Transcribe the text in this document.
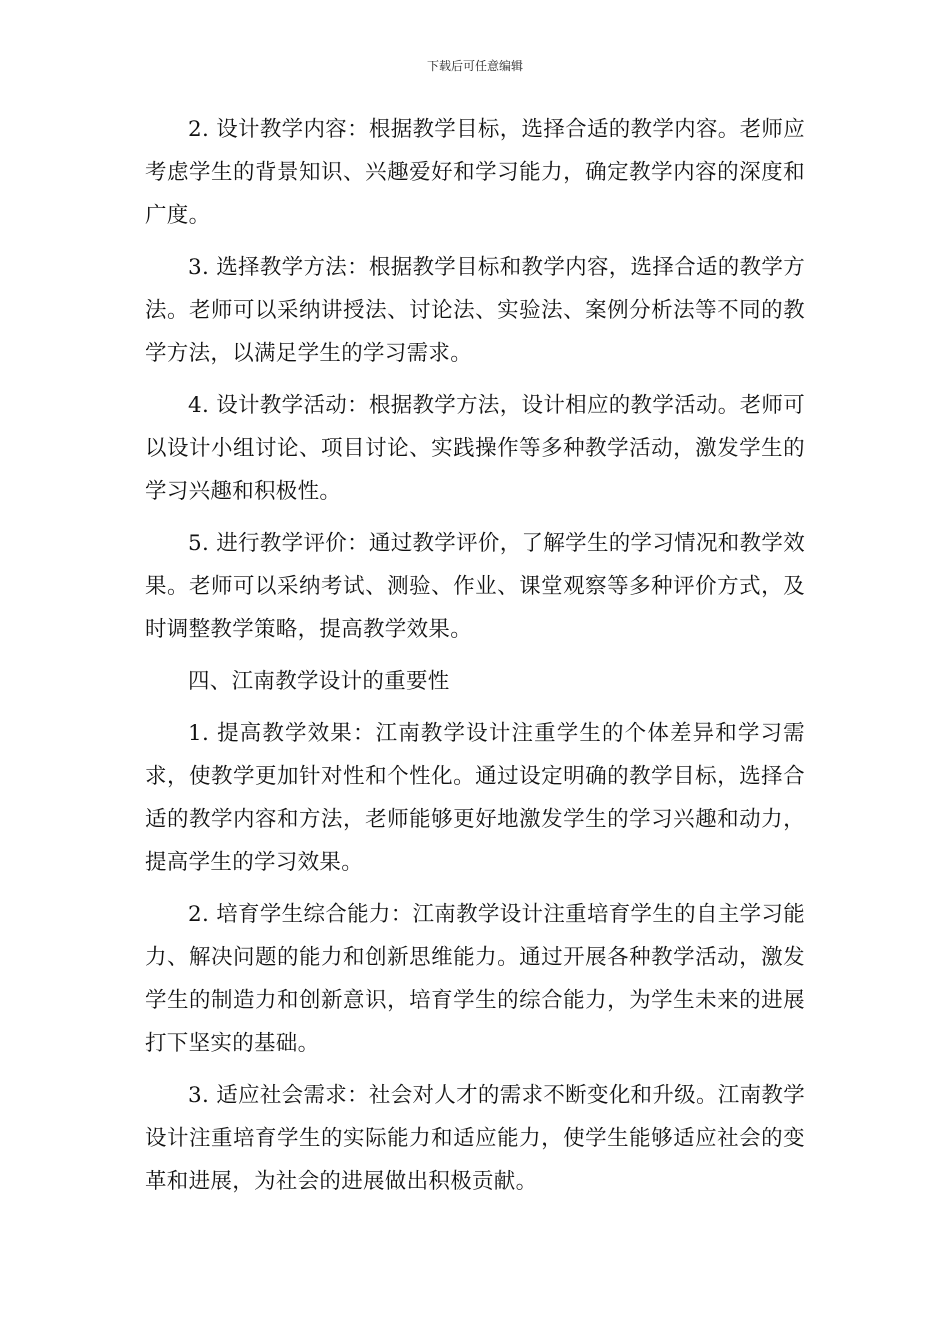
下载后可任意编辑

2. 设计教学内容：根据教学目标，选择合适的教学内容。老师应考虑学生的背景知识、兴趣爱好和学习能力，确定教学内容的深度和广度。

3. 选择教学方法：根据教学目标和教学内容，选择合适的教学方法。老师可以采纳讲授法、讨论法、实验法、案例分析法等不同的教学方法，以满足学生的学习需求。

4. 设计教学活动：根据教学方法，设计相应的教学活动。老师可以设计小组讨论、项目讨论、实践操作等多种教学活动，激发学生的学习兴趣和积极性。

5. 进行教学评价：通过教学评价，了解学生的学习情况和教学效果。老师可以采纳考试、测验、作业、课堂观察等多种评价方式，及时调整教学策略，提高教学效果。

四、江南教学设计的重要性

1. 提高教学效果：江南教学设计注重学生的个体差异和学习需求，使教学更加针对性和个性化。通过设定明确的教学目标，选择合适的教学内容和方法，老师能够更好地激发学生的学习兴趣和动力，提高学生的学习效果。

2. 培育学生综合能力：江南教学设计注重培育学生的自主学习能力、解决问题的能力和创新思维能力。通过开展各种教学活动，激发学生的制造力和创新意识，培育学生的综合能力，为学生未来的进展打下坚实的基础。

3. 适应社会需求：社会对人才的需求不断变化和升级。江南教学设计注重培育学生的实际能力和适应能力，使学生能够适应社会的变革和进展，为社会的进展做出积极贡献。
